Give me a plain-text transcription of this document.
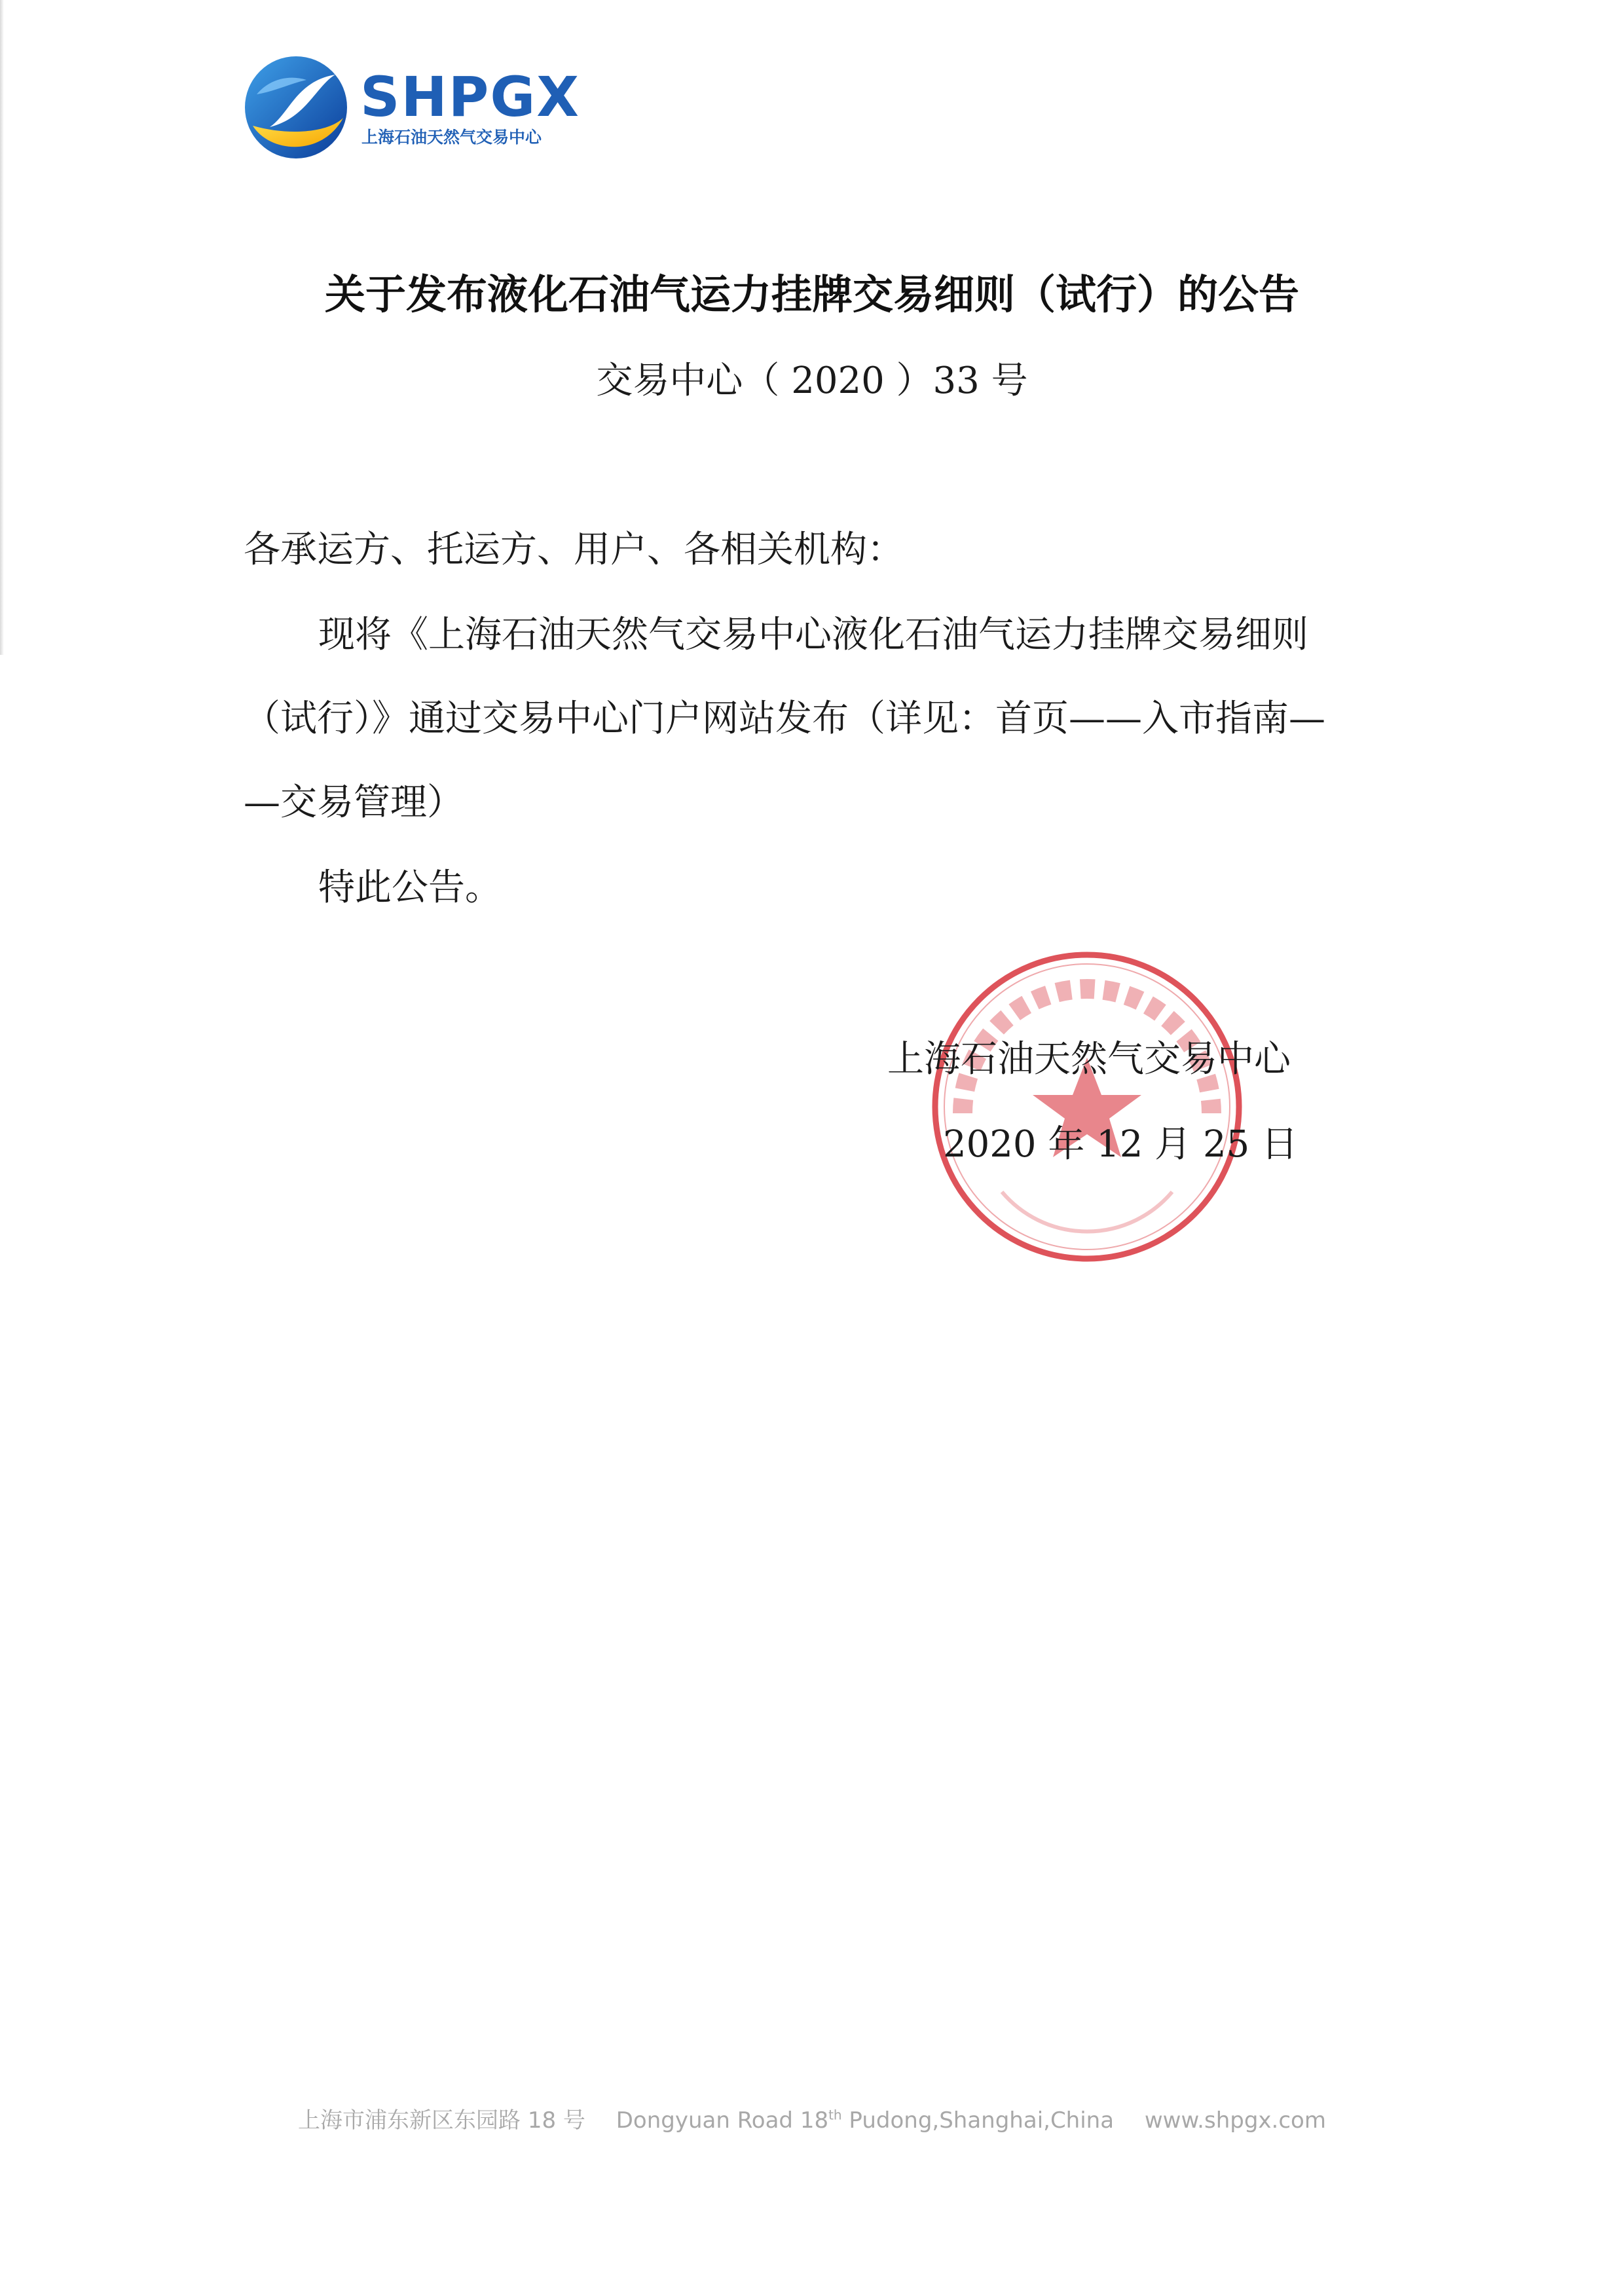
SHPGX
上海石油天然气交易中心
关于发布液化石油气运力挂牌交易细则（试行）的公告
交易中心（ 2020 ）33 号
各承运方、托运方、用户、各相关机构：
现将《上海石油天然气交易中心液化石油气运力挂牌交易细则
（试行）》通过交易中心门户网站发布（详见：首页——入市指南—
—交易管理）
特此公告。
上海石油天然气交易中心
2020 年 12 月 25 日
上海市浦东新区东园路 18 号 Dongyuan Road 18th Pudong,Shanghai,China www.shpgx.com
